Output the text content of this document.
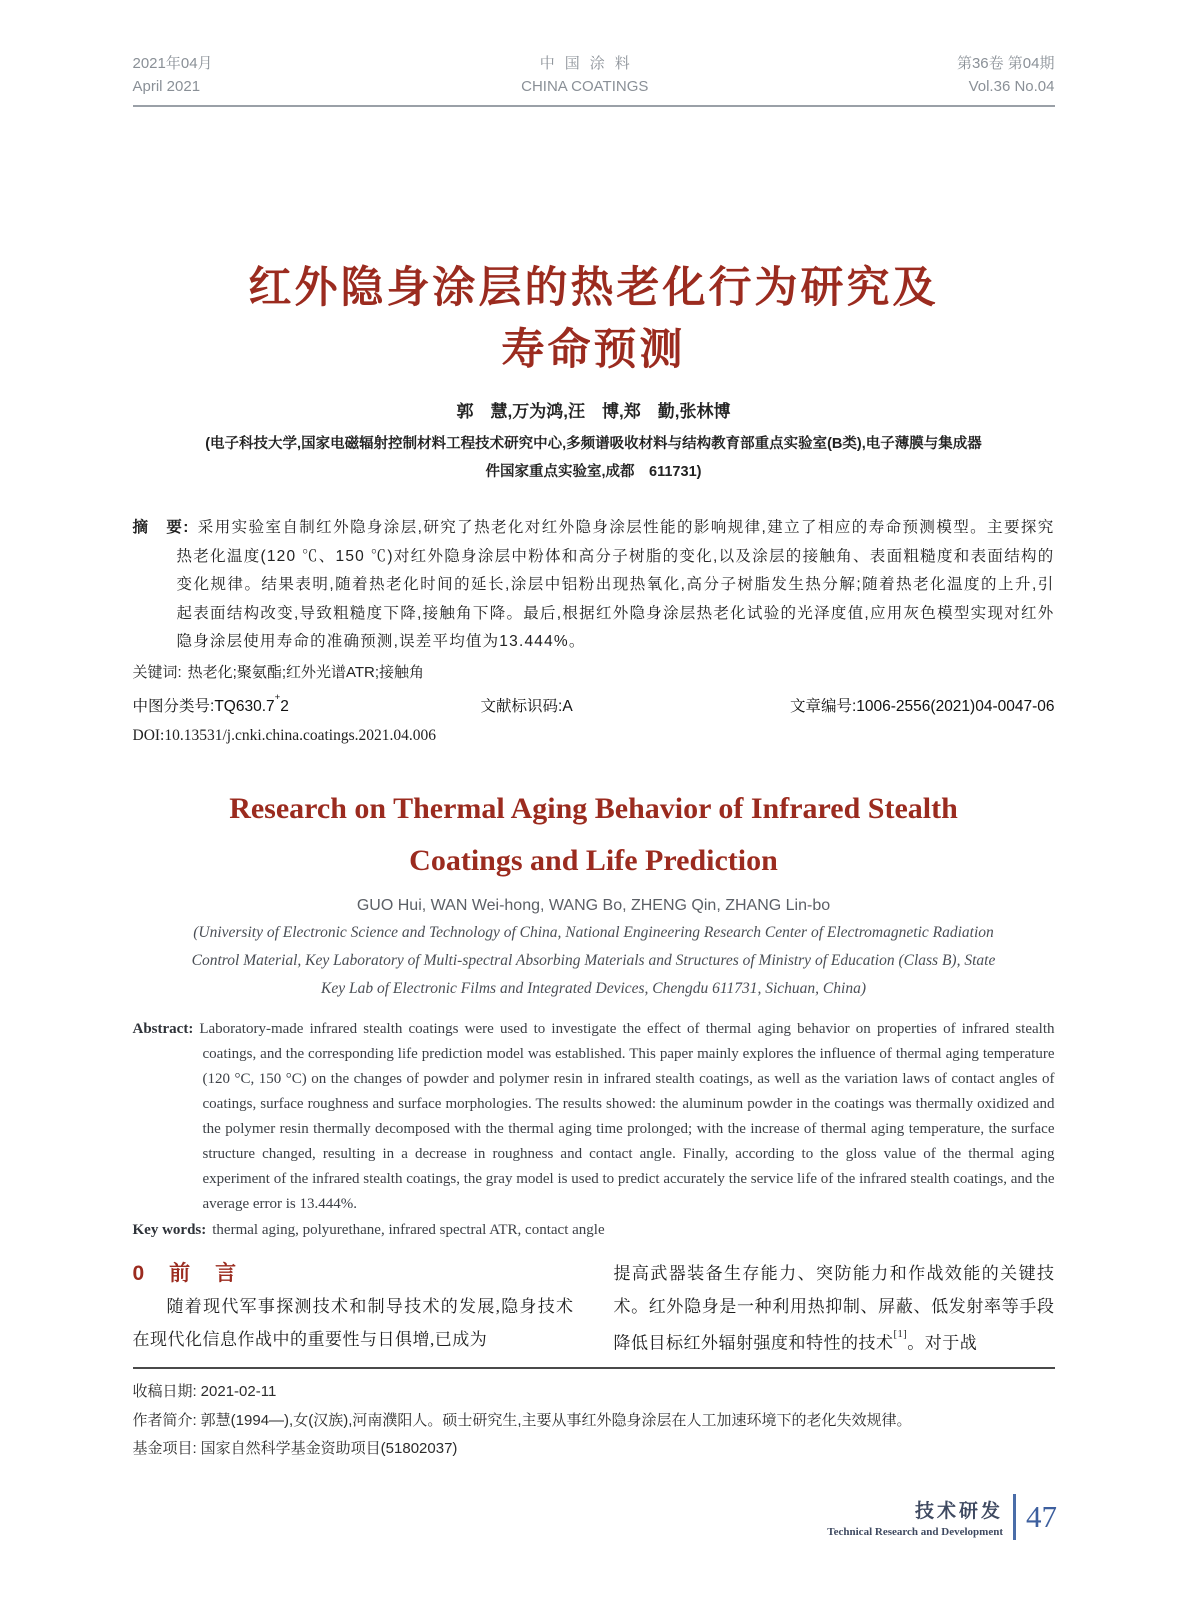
2021年04月
April 2021
中国涂料
CHINA COATINGS
第36卷 第04期
Vol.36 No.04
红外隐身涂层的热老化行为研究及
寿命预测
郭　慧,万为鸿,汪　博,郑　勤,张林博
(电子科技大学,国家电磁辐射控制材料工程技术研究中心,多频谱吸收材料与结构教育部重点实验室(B类),电子薄膜与集成器
件国家重点实验室,成都　611731)
摘　要: 采用实验室自制红外隐身涂层,研究了热老化对红外隐身涂层性能的影响规律,建立了相应的寿命预测模型。主要探究热老化温度(120 ℃、150 ℃)对红外隐身涂层中粉体和高分子树脂的变化,以及涂层的接触角、表面粗糙度和表面结构的变化规律。结果表明,随着热老化时间的延长,涂层中铝粉出现热氧化,高分子树脂发生热分解;随着热老化温度的上升,引起表面结构改变,导致粗糙度下降,接触角下降。最后,根据红外隐身涂层热老化试验的光泽度值,应用灰色模型实现对红外隐身涂层使用寿命的准确预测,误差平均值为13.444%。
关键词: 热老化;聚氨酯;红外光谱ATR;接触角
中图分类号:TQ630.7+2	文献标识码:A	文章编号:1006-2556(2021)04-0047-06
DOI:10.13531/j.cnki.china.coatings.2021.04.006
Research on Thermal Aging Behavior of Infrared Stealth
Coatings and Life Prediction
GUO Hui, WAN Wei-hong, WANG Bo, ZHENG Qin, ZHANG Lin-bo
(University of Electronic Science and Technology of China, National Engineering Research Center of Electromagnetic Radiation
Control Material, Key Laboratory of Multi-spectral Absorbing Materials and Structures of Ministry of Education (Class B), State
Key Lab of Electronic Films and Integrated Devices, Chengdu 611731, Sichuan, China)
Abstract: Laboratory-made infrared stealth coatings were used to investigate the effect of thermal aging behavior on properties of infrared stealth coatings, and the corresponding life prediction model was established. This paper mainly explores the influence of thermal aging temperature (120 °C, 150 °C) on the changes of powder and polymer resin in infrared stealth coatings, as well as the variation laws of contact angles of coatings, surface roughness and surface morphologies. The results showed: the aluminum powder in the coatings was thermally oxidized and the polymer resin thermally decomposed with the thermal aging time prolonged; with the increase of thermal aging temperature, the surface structure changed, resulting in a decrease in roughness and contact angle. Finally, according to the gloss value of the thermal aging experiment of the infrared stealth coatings, the gray model is used to predict accurately the service life of the infrared stealth coatings, and the average error is 13.444%.
Key words: thermal aging, polyurethane, infrared spectral ATR, contact angle
0　前　言

随着现代军事探测技术和制导技术的发展,隐身技术在现代化信息作战中的重要性与日俱增,已成为

提高武器装备生存能力、突防能力和作战效能的关键技术。红外隐身是一种利用热抑制、屏蔽、低发射率等手段降低目标红外辐射强度和特性的技术[1]。对于战

收稿日期: 2021-02-11
作者简介: 郭慧(1994—),女(汉族),河南濮阳人。硕士研究生,主要从事红外隐身涂层在人工加速环境下的老化失效规律。
基金项目: 国家自然科学基金资助项目(51802037)
技术研发
Technical Research and Development 47
